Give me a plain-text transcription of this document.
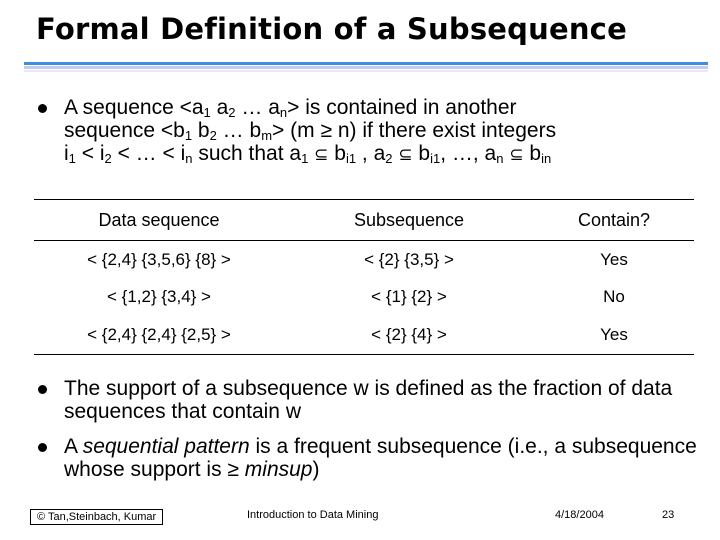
Formal Definition of a Subsequence
A sequence $<a_1$ $a_2$ … $a_n>$ is contained in another
sequence $<b_1$ $b_2$ … $b_m> (m \ge n)$ if there exist integers
$i_1 < i_2$ < … < $i_n$ such that $a_1$ ⊆ $b_{i1}$ , $a_2$ ⊆ $b_{i1}$, …, $a_n$ ⊆ $b_{in}$
Data sequence	Subsequence	Contain?
< {2,4} {3,5,6} {8} >	< {2} {3,5} >	Yes
< {1,2} {3,4} >	< {1} {2} >	No
< {2,4} {2,4} {2,5} >	< {2} {4} >	Yes
The support of a subsequence w is defined as the fraction of data sequences that contain w
A sequential pattern is a frequent subsequence (i.e., a subsequence whose support is ≥ minsup)
© Tan,Steinbach, Kumar	Introduction to Data Mining	4/18/2004	23
